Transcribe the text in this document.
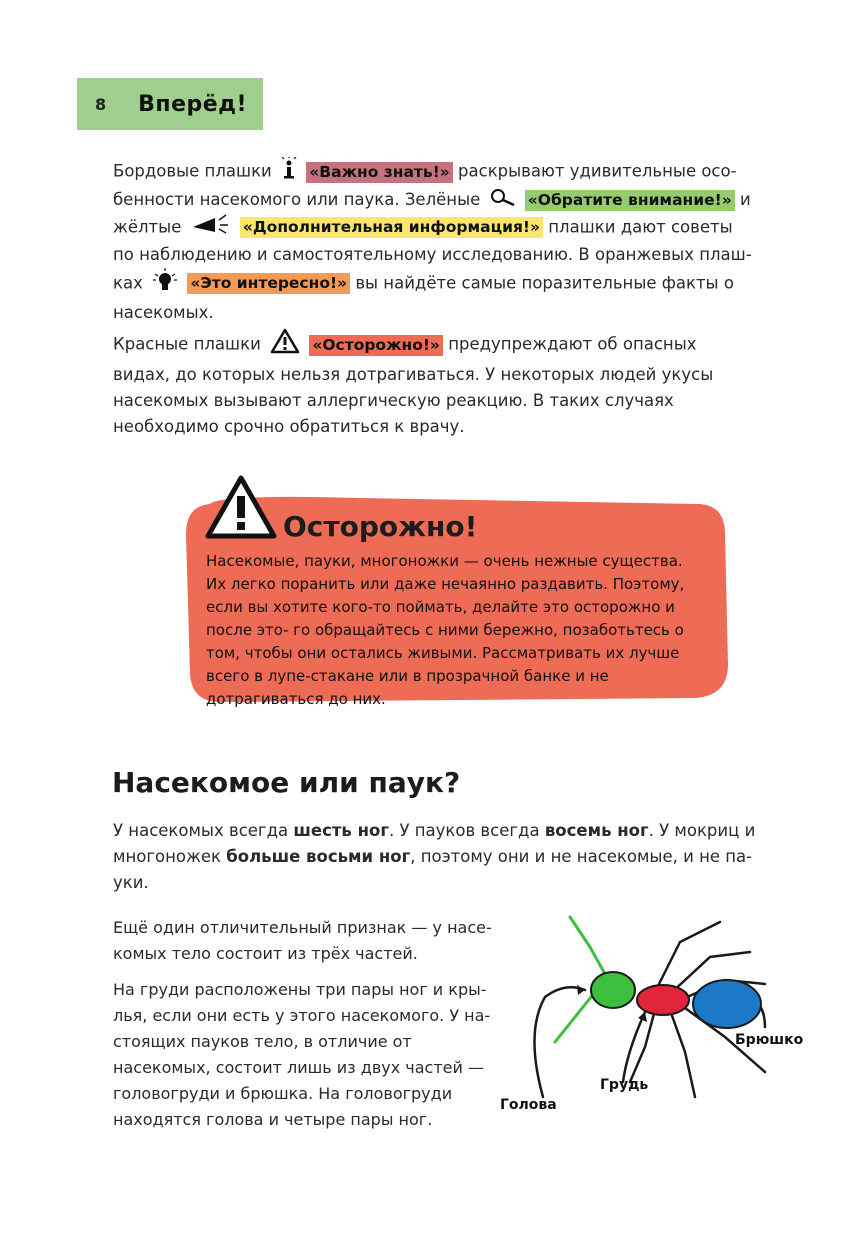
8 Вперёд!

Бордовые плашки «Важно знать!» раскрывают удивительные осо- бенности насекомого или паука. Зелёные	«Обратите внимание!» и жёлтые	«Дополнительная информация!» плашки дают советы по наблюдению и самостоятельному исследованию. В оранжевых плаш- ках	«Это интересно!» вы найдёте самые поразительные факты о насекомых.

Красные плашки	«Осторожно!» предупреждают об опасных видах, до которых нельзя дотрагиваться. У некоторых людей укусы насекомых вызывают аллергическую реакцию. В таких случаях необходимо срочно обратиться к врачу.

Осторожно!

Насекомые, пауки, многоножки — очень нежные существа. Их легко поранить или даже нечаянно раздавить. Поэтому, если вы хотите кого-то поймать, делайте это осторожно и после это- го обращайтесь с ними бережно, позаботьтесь о том, чтобы они остались живыми. Рассматривать их лучше всего в лупе-стакане или в прозрачной банке и не дотрагиваться до них.

Насекомое или паук?

У насекомых всегда шесть ног. У пауков всегда восемь ног. У мокриц и многоножек больше восьми ног, поэтому они и не насекомые, и не па- уки.

Ещё один отличительный признак — у насе- комых тело состоит из трёх частей.

На груди расположены три пары ног и кры- лья, если они есть у этого насекомого. У на- стоящих пауков тело, в отличие от насекомых, состоит лишь из двух частей — головогруди и брюшка. На головогруди находятся голова и четыре пары ног.

Голова
Грудь
Брюшко
